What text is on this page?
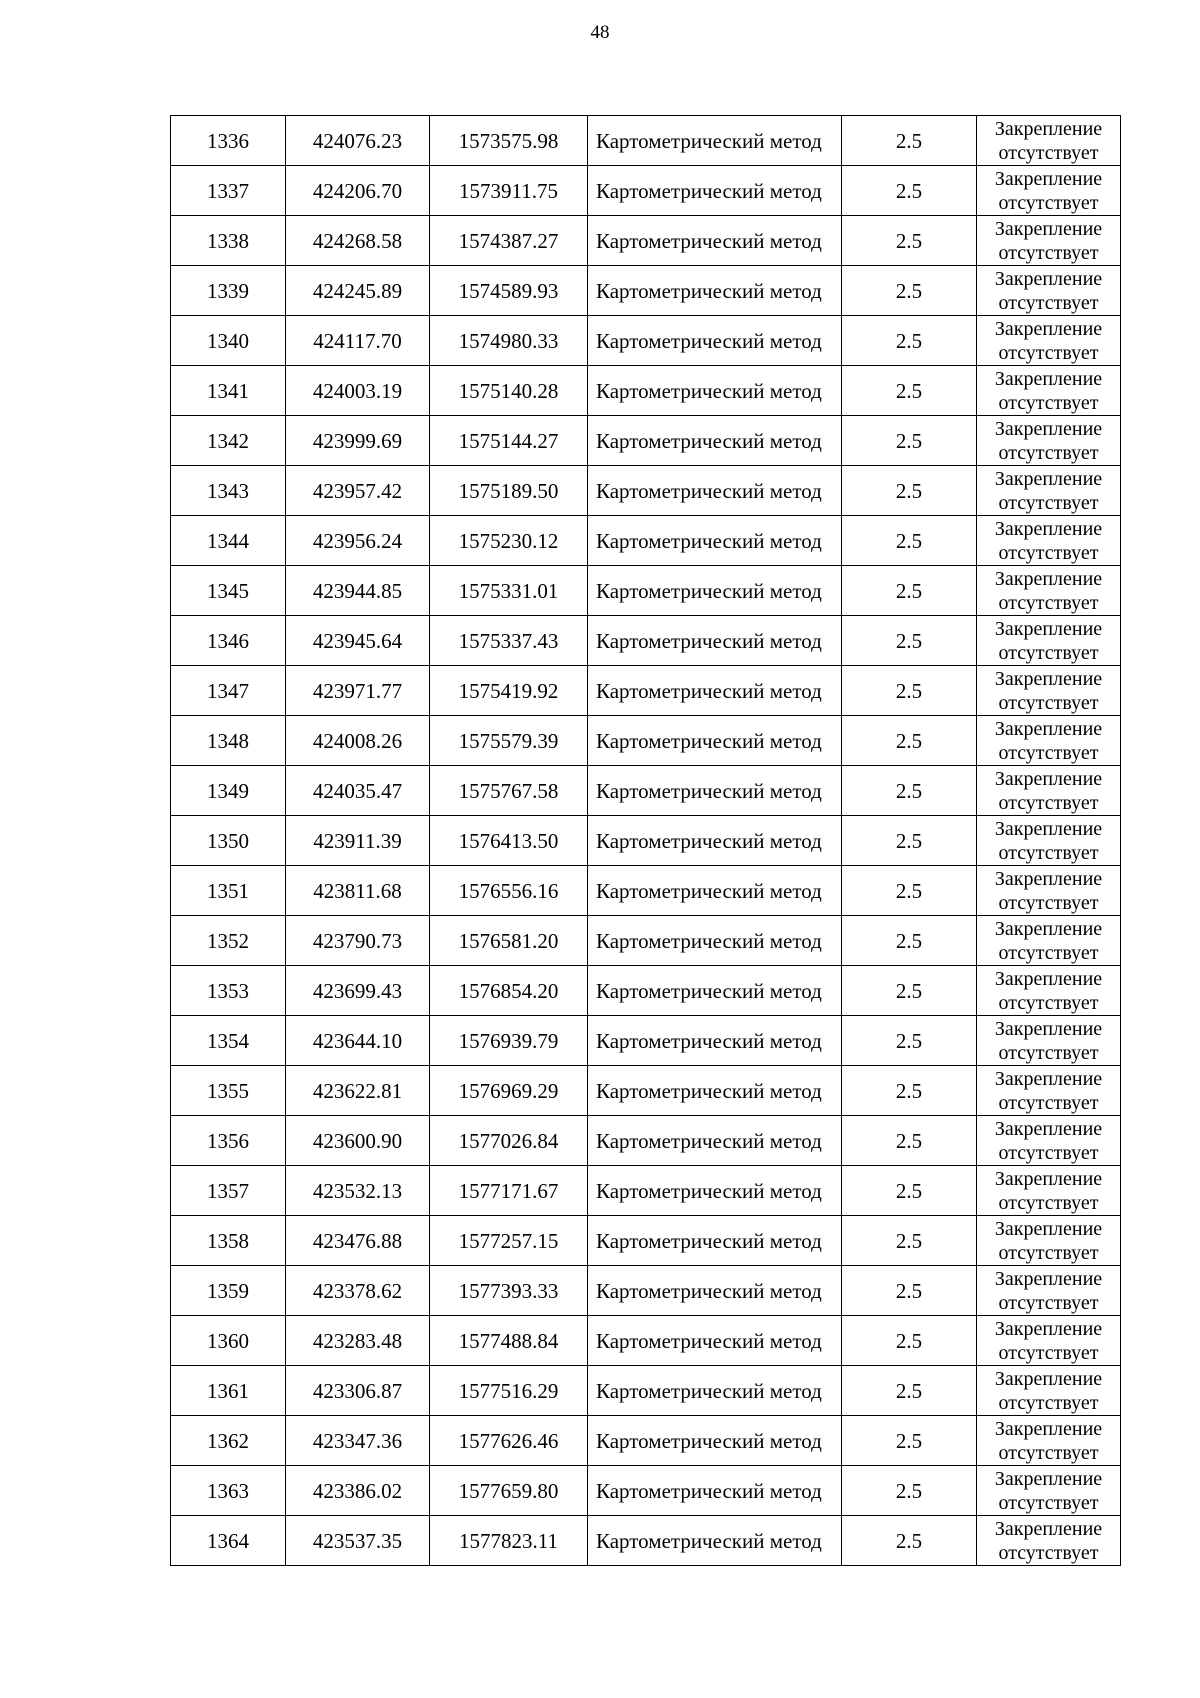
48
1336	424076.23	1573575.98	Картометрический метод	2.5	Закрепление отсутствует
1337	424206.70	1573911.75	Картометрический метод	2.5	Закрепление отсутствует
1338	424268.58	1574387.27	Картометрический метод	2.5	Закрепление отсутствует
1339	424245.89	1574589.93	Картометрический метод	2.5	Закрепление отсутствует
1340	424117.70	1574980.33	Картометрический метод	2.5	Закрепление отсутствует
1341	424003.19	1575140.28	Картометрический метод	2.5	Закрепление отсутствует
1342	423999.69	1575144.27	Картометрический метод	2.5	Закрепление отсутствует
1343	423957.42	1575189.50	Картометрический метод	2.5	Закрепление отсутствует
1344	423956.24	1575230.12	Картометрический метод	2.5	Закрепление отсутствует
1345	423944.85	1575331.01	Картометрический метод	2.5	Закрепление отсутствует
1346	423945.64	1575337.43	Картометрический метод	2.5	Закрепление отсутствует
1347	423971.77	1575419.92	Картометрический метод	2.5	Закрепление отсутствует
1348	424008.26	1575579.39	Картометрический метод	2.5	Закрепление отсутствует
1349	424035.47	1575767.58	Картометрический метод	2.5	Закрепление отсутствует
1350	423911.39	1576413.50	Картометрический метод	2.5	Закрепление отсутствует
1351	423811.68	1576556.16	Картометрический метод	2.5	Закрепление отсутствует
1352	423790.73	1576581.20	Картометрический метод	2.5	Закрепление отсутствует
1353	423699.43	1576854.20	Картометрический метод	2.5	Закрепление отсутствует
1354	423644.10	1576939.79	Картометрический метод	2.5	Закрепление отсутствует
1355	423622.81	1576969.29	Картометрический метод	2.5	Закрепление отсутствует
1356	423600.90	1577026.84	Картометрический метод	2.5	Закрепление отсутствует
1357	423532.13	1577171.67	Картометрический метод	2.5	Закрепление отсутствует
1358	423476.88	1577257.15	Картометрический метод	2.5	Закрепление отсутствует
1359	423378.62	1577393.33	Картометрический метод	2.5	Закрепление отсутствует
1360	423283.48	1577488.84	Картометрический метод	2.5	Закрепление отсутствует
1361	423306.87	1577516.29	Картометрический метод	2.5	Закрепление отсутствует
1362	423347.36	1577626.46	Картометрический метод	2.5	Закрепление отсутствует
1363	423386.02	1577659.80	Картометрический метод	2.5	Закрепление отсутствует
1364	423537.35	1577823.11	Картометрический метод	2.5	Закрепление отсутствует
